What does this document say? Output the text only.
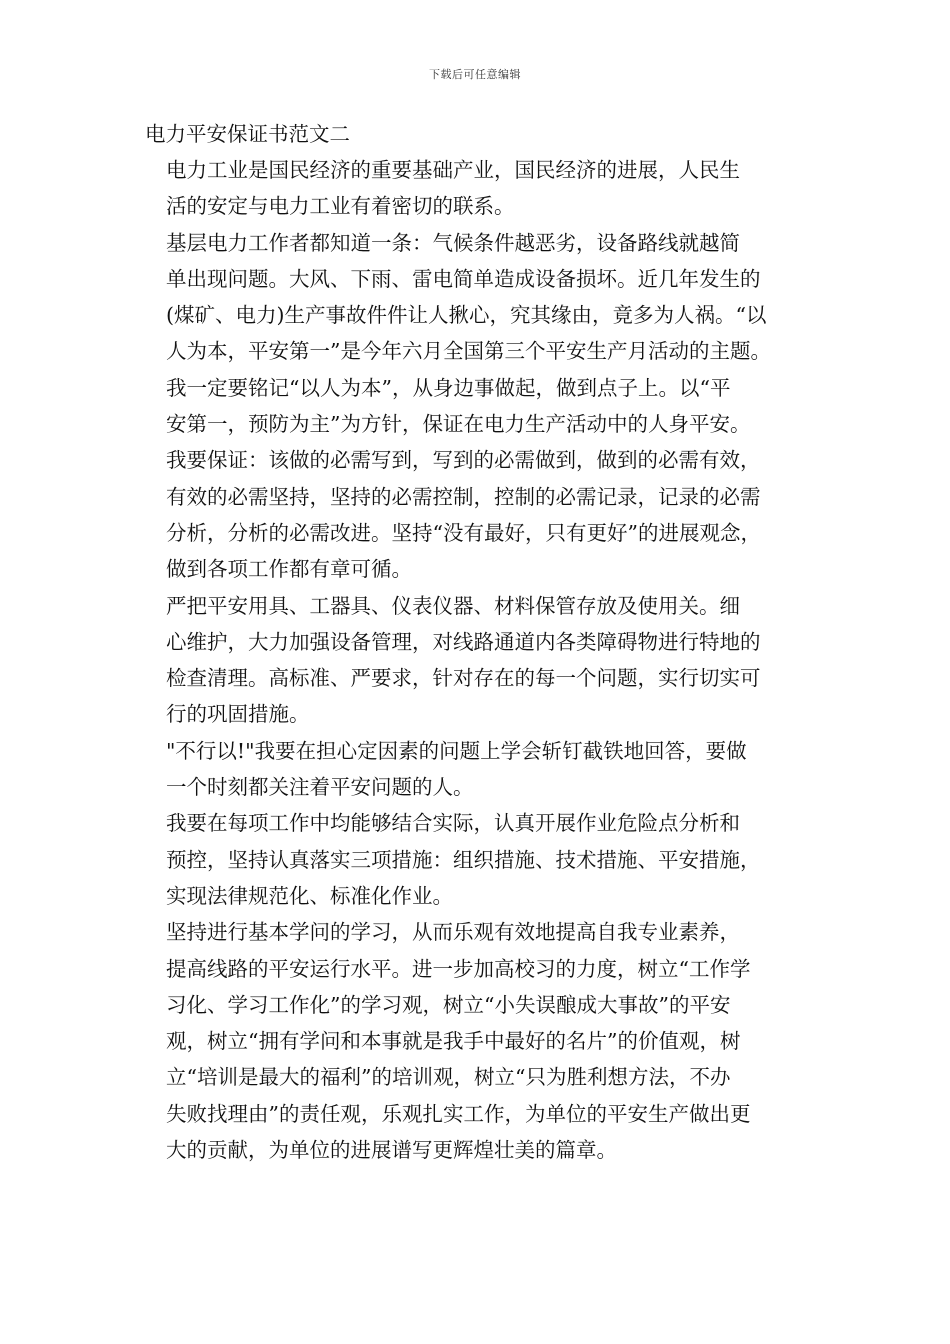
下载后可任意编辑
电力平安保证书范文二

电力工业是国民经济的重要基础产业，国民经济的进展，人民生
活的安定与电力工业有着密切的联系。

基层电力工作者都知道一条：气候条件越恶劣，设备路线就越简
单出现问题。大风、下雨、雷电简单造成设备损坏。近几年发生的
(煤矿、电力)生产事故件件让人揪心，究其缘由，竟多为人祸。“以
人为本，平安第一”是今年六月全国第三个平安生产月活动的主题。
我一定要铭记“以人为本”，从身边事做起，做到点子上。以“平
安第一，预防为主”为方针，保证在电力生产活动中的人身平安。

我要保证：该做的必需写到，写到的必需做到，做到的必需有效，
有效的必需坚持，坚持的必需控制，控制的必需记录，记录的必需
分析，分析的必需改进。坚持“没有最好，只有更好”的进展观念，
做到各项工作都有章可循。

严把平安用具、工器具、仪表仪器、材料保管存放及使用关。细
心维护，大力加强设备管理，对线路通道内各类障碍物进行特地的
检查清理。高标准、严要求，针对存在的每一个问题，实行切实可
行的巩固措施。

"不行以!"我要在担心定因素的问题上学会斩钉截铁地回答，要做
一个时刻都关注着平安问题的人。

我要在每项工作中均能够结合实际，认真开展作业危险点分析和
预控，坚持认真落实三项措施：组织措施、技术措施、平安措施，
实现法律规范化、标准化作业。

坚持进行基本学问的学习，从而乐观有效地提高自我专业素养，
提高线路的平安运行水平。进一步加高校习的力度，树立“工作学
习化、学习工作化”的学习观，树立“小失误酿成大事故”的平安
观，树立“拥有学问和本事就是我手中最好的名片”的价值观，树
立“培训是最大的福利”的培训观，树立“只为胜利想方法，不办
失败找理由”的责任观，乐观扎实工作，为单位的平安生产做出更
大的贡献，为单位的进展谱写更辉煌壮美的篇章。
